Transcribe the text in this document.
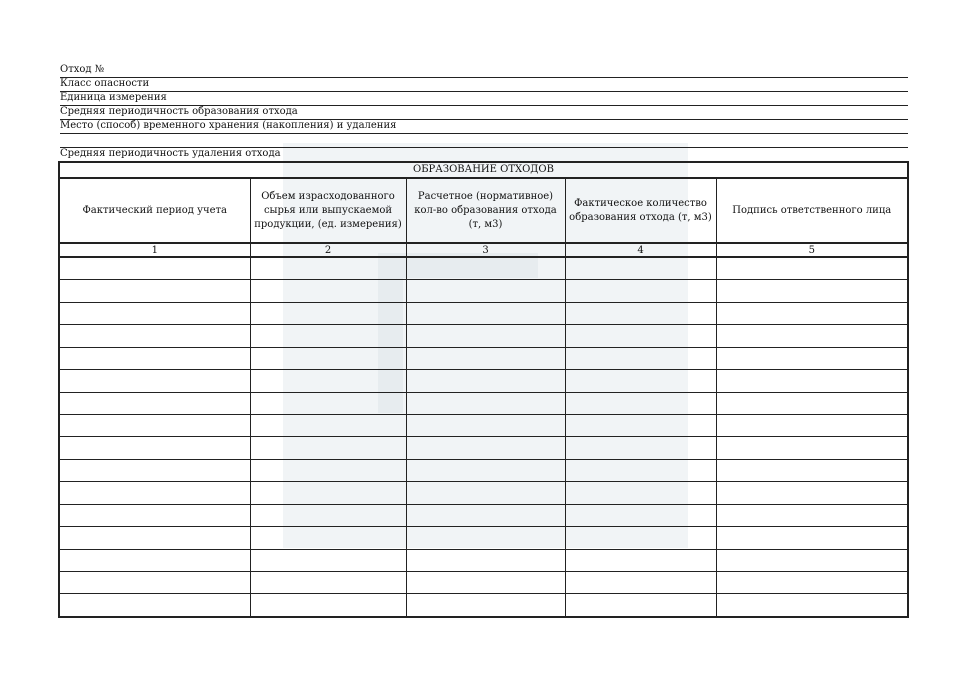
Отход №
Класс опасности
Единица измерения
Средняя периодичность образования отхода
Место (способ) временного хранения (накопления) и удаления
Средняя периодичность удаления отхода
ОБРАЗОВАНИЕ ОТХОДОВ				
Фактический период учета	Объем израсходованного сырья или выпускаемой продукции, (ед. измерения)	Расчетное (нормативное) кол-во образования отхода (т, м3)	Фактическое количество образования отхода (т, м3)	Подпись ответственного лица
1	2	3	4	5
